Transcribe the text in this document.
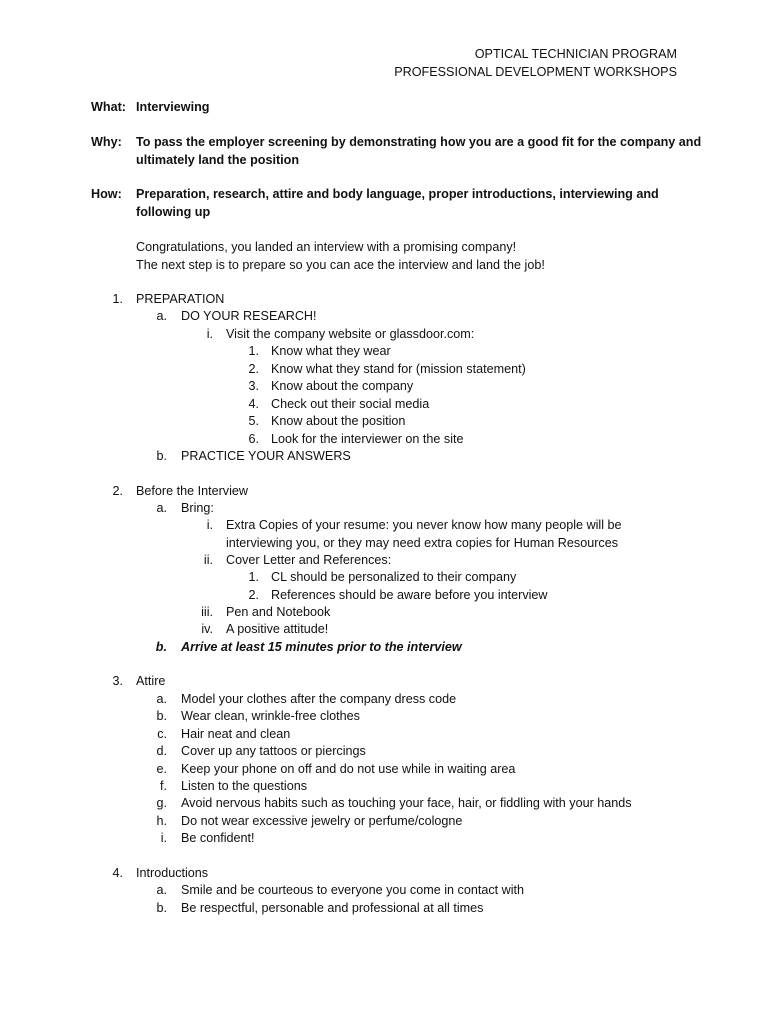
OPTICAL TECHNICIAN PROGRAM
PROFESSIONAL DEVELOPMENT WORKSHOPS
What: Interviewing
Why: To pass the employer screening by demonstrating how you are a good fit for the company and
ultimately land the position
How: Preparation, research, attire and body language, proper introductions, interviewing and
following up
Congratulations, you landed an interview with a promising company!
The next step is to prepare so you can ace the interview and land the job!
1. PREPARATION
a. DO YOUR RESEARCH!
i. Visit the company website or glassdoor.com:
1. Know what they wear
2. Know what they stand for (mission statement)
3. Know about the company
4. Check out their social media
5. Know about the position
6. Look for the interviewer on the site
b. PRACTICE YOUR ANSWERS
2. Before the Interview
a. Bring:
i. Extra Copies of your resume: you never know how many people will be
interviewing you, or they may need extra copies for Human Resources
ii. Cover Letter and References:
1. CL should be personalized to their company
2. References should be aware before you interview
iii. Pen and Notebook
iv. A positive attitude!
b. Arrive at least 15 minutes prior to the interview
3. Attire
a. Model your clothes after the company dress code
b. Wear clean, wrinkle-free clothes
c. Hair neat and clean
d. Cover up any tattoos or piercings
e. Keep your phone on off and do not use while in waiting area
f. Listen to the questions
g. Avoid nervous habits such as touching your face, hair, or fiddling with your hands
h. Do not wear excessive jewelry or perfume/cologne
i. Be confident!
4. Introductions
a. Smile and be courteous to everyone you come in contact with
b. Be respectful, personable and professional at all times
